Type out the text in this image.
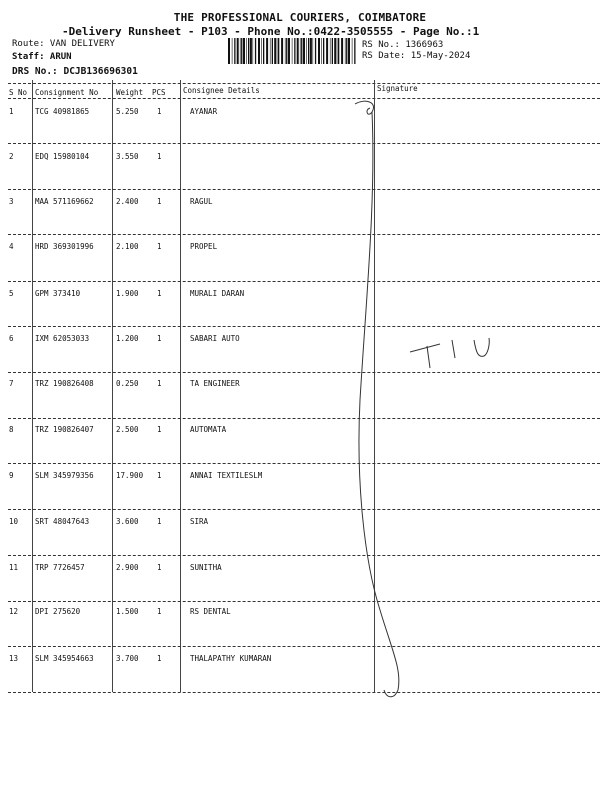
THE PROFESSIONAL COURIERS, COIMBATORE
-Delivery Runsheet - P103 - Phone No.:0422-3505555 - Page No.:1
Route: VAN DELIVERY
Staff: ARUN
DRS No.: DCJB136696301
RS No.: 1366963
RS Date: 15-May-2024
S No Consignment No Weight PCS Consignee Details	Signature
1	TCG 40981865	5.250 1	AYANAR
2	EDQ 15980104	3.550 1
3	MAA 571169662	2.400 1	RAGUL
4	HRD 369301996	2.100 1	PROPEL
5	GPM 373410	1.900 1	MURALI DARAN
6	IXM 62053033	1.200 1	SABARI AUTO
7	TRZ 190826408	0.250 1	TA ENGINEER
8	TRZ 190826407	2.500 1	AUTOMATA
9	SLM 345979356	17.900 1	ANNAI TEXTILESLM
10 SRT 48047643	3.600 1	SIRA
11 TRP 7726457	2.900 1	SUNITHA
12 DPI 275620	1.500 1	RS DENTAL
13 SLM 345954663	3.700 1	THALAPATHY KUMARAN
